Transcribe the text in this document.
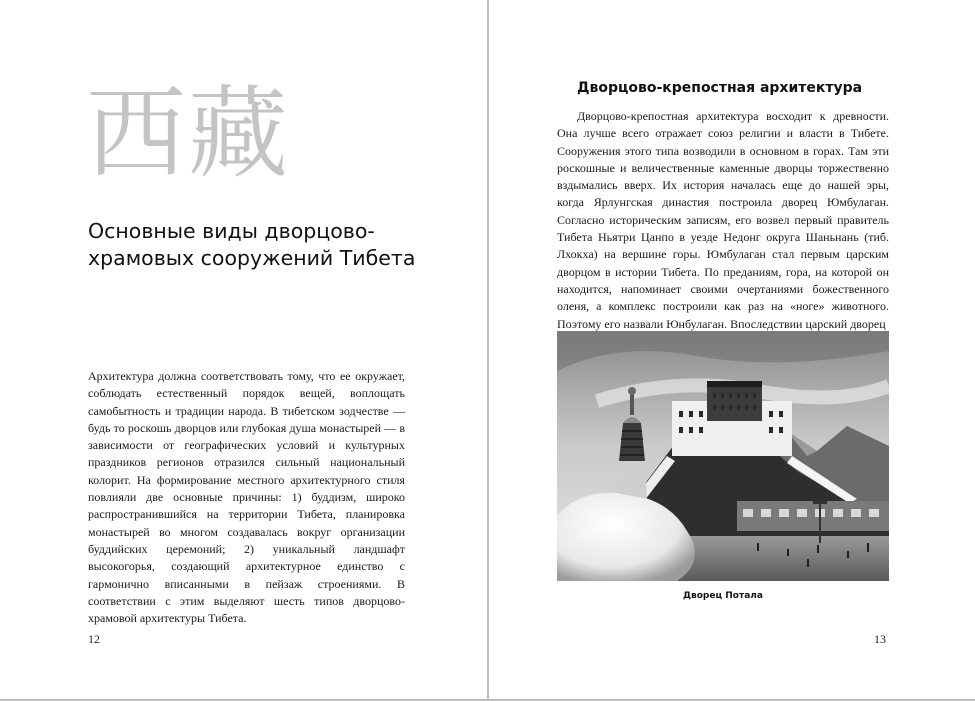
西藏
Основные виды дворцово-храмовых сооружений Тибета
Архитектура должна соответствовать тому, что ее окружает, соблюдать естественный порядок вещей, воплощать самобытность и традиции народа. В тибетском зодчестве — будь то роскошь дворцов или глубокая душа монастырей — в зависимости от географических условий и культурных праздников регионов отразился сильный национальный колорит. На формирование местного архитектурного стиля повлияли две основные причины: 1) буддизм, широко распространившийся на территории Тибета, планировка монастырей во многом создавалась вокруг организации буддийских церемоний; 2) уникальный ландшафт высокогорья, создающий архитектурное единство с гармонично вписанными в пейзаж строениями. В соответствии с этим выделяют шесть типов дворцово-храмовой архитектуры Тибета.
12
Дворцово-крепостная архитектура
Дворцово-крепостная архитектура восходит к древности. Она лучше всего отражает союз религии и власти в Тибете. Сооружения этого типа возводили в основном в горах. Там эти роскошные и величественные каменные дворцы торжественно вздымались вверх. Их история началась еще до нашей эры, когда Ярлунгская династия построила дворец Юмбулаган. Согласно историческим записям, его возвел первый правитель Тибета Ньятри Цанпо в уезде Недонг округа Шаньнань (тиб. Лхокха) на вершине горы. Юмбулаган стал первым царским дворцом в истории Тибета. По преданиям, гора, на которой он находится, напоминает своими очертаниями божественного оленя, а комплекс построили как раз на «ноге» животного. Поэтому его назвали Юнбулаган. Впоследствии царский дворец
Дворец Потала
13
